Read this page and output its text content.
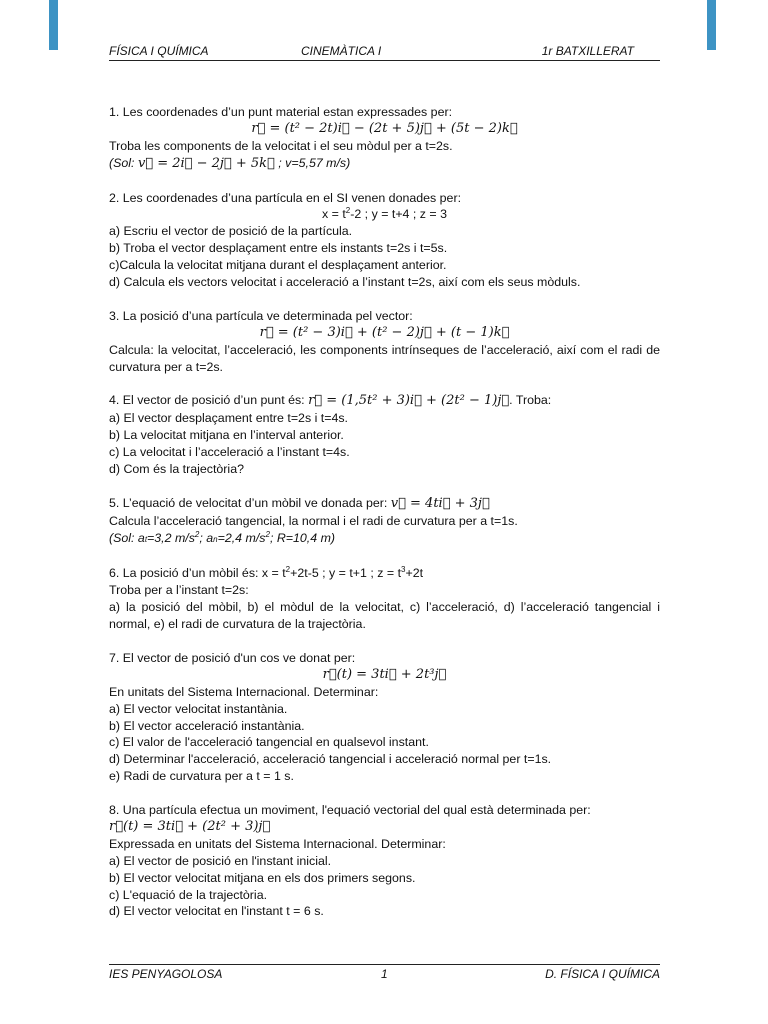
FÍSICA I QUÍMICA	CINEMÀTICA I	1r BATXILLERAT
1. Les coordenades d’un punt material estan expressades per:
r⃗ = (t² − 2t)i⃗ − (2t + 5)j⃗ + (5t − 2)k⃗
Troba les components de la velocitat i el seu mòdul per a t=2s.
(Sol: v⃗ = 2i⃗ − 2j⃗ + 5k⃗ ; v=5,57 m/s)
2. Les coordenades d’una partícula en el SI venen donades per:
$x = t^2-2$ ; y = t+4 ; z = 3
a) Escriu el vector de posició de la partícula.
b) Troba el vector desplaçament entre els instants t=2s i t=5s.
c)Calcula la velocitat mitjana durant el desplaçament anterior.
d) Calcula els vectors velocitat i acceleració a l’instant t=2s, així com els seus mòduls.
3. La posició d’una partícula ve determinada pel vector:
r⃗ = (t² − 3)i⃗ + (t² − 2)j⃗ + (t − 1)k⃗
Calcula: la velocitat, l’acceleració, les components intrínseques de l’acceleració, així com el radi de curvatura per a t=2s.
4. El vector de posició d’un punt és: r⃗ = (1,5t² + 3)i⃗ + (2t² − 1)j⃗. Troba:
a) El vector desplaçament entre t=2s i t=4s.
b) La velocitat mitjana en l’interval anterior.
c) La velocitat i l’acceleració a l’instant t=4s.
d) Com és la trajectòria?
5. L’equació de velocitat d’un mòbil ve donada per: v⃗ = 4ti⃗ + 3j⃗
Calcula l’acceleració tangencial, la normal i el radi de curvatura per a t=1s.
(Sol: at=3,2 $m/s^2$; an=2,4 $m/s^2$; R=10,4 m)
6. La posició d’un mòbil és: $x = t^2+2t-5$ ; y = t+1 ; $z = t^3+2t$
Troba per a l’instant t=2s:
a) la posició del mòbil, b) el mòdul de la velocitat, c) l’acceleració, d) l’acceleració tangencial i normal, e) el radi de curvatura de la trajectòria.
7. El vector de posició d'un cos ve donat per:
r⃗(t) = 3ti⃗ + 2t³j⃗
En unitats del Sistema Internacional. Determinar:
a) El vector velocitat instantània.
b) El vector acceleració instantània.
c) El valor de l'acceleració tangencial en qualsevol instant.
d) Determinar l'acceleració, acceleració tangencial i acceleració normal per t=1s.
e) Radi de curvatura per a t = 1 s.
8. Una partícula efectua un moviment, l'equació vectorial del qual està determinada per:
r⃗(t) = 3ti⃗ + (2t² + 3)j⃗
Expressada en unitats del Sistema Internacional. Determinar:
a) El vector de posició en l'instant inicial.
b) El vector velocitat mitjana en els dos primers segons.
c) L'equació de la trajectòria.
d) El vector velocitat en l'instant t = 6 s.
IES PENYAGOLOSA	1	D. FÍSICA I QUÍMICA
